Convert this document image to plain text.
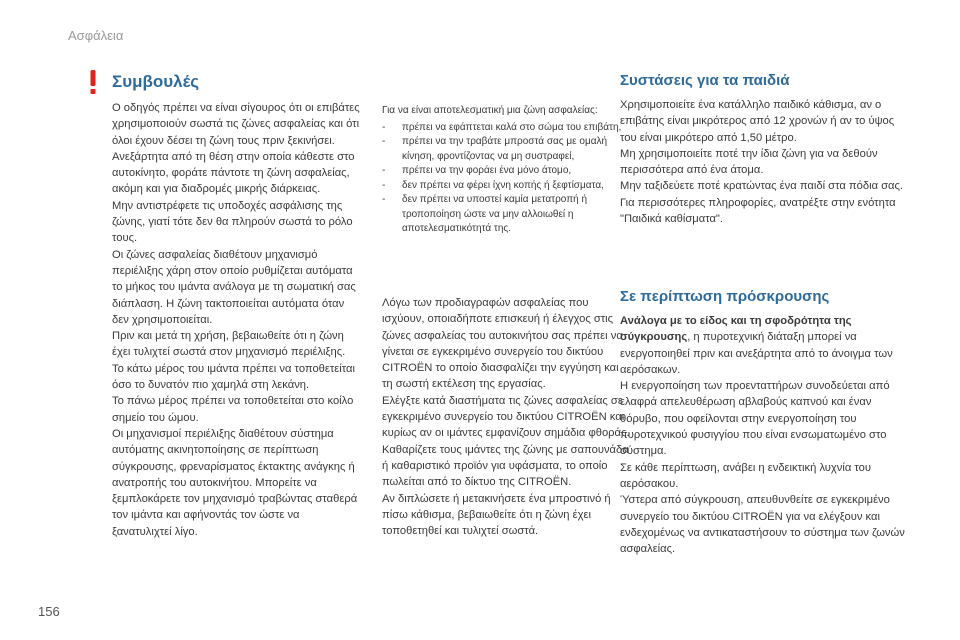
Ασφάλεια
Συμβουλές

Ο οδηγός πρέπει να είναι σίγουρος ότι οι επιβάτες χρησιμοποιούν σωστά τις ζώνες ασφαλείας και ότι όλοι έχουν δέσει τη ζώνη τους πριν ξεκινήσει.

Ανεξάρτητα από τη θέση στην οποία κάθεστε στο αυτοκίνητο, φοράτε πάντοτε τη ζώνη ασφαλείας, ακόμη και για διαδρομές μικρής διάρκειας.

Μην αντιστρέφετε τις υποδοχές ασφάλισης της ζώνης, γιατί τότε δεν θα πληρούν σωστά το ρόλο τους.

Οι ζώνες ασφαλείας διαθέτουν μηχανισμό περιέλιξης χάρη στον οποίο ρυθμίζεται αυτόματα το μήκος του ιμάντα ανάλογα με τη σωματική σας διάπλαση. Η ζώνη τακτοποιείται αυτόματα όταν δεν χρησιμοποιείται.

Πριν και μετά τη χρήση, βεβαιωθείτε ότι η ζώνη έχει τυλιχτεί σωστά στον μηχανισμό περιέλιξης.

Το κάτω μέρος του ιμάντα πρέπει να τοποθετείται όσο το δυνατόν πιο χαμηλά στη λεκάνη.

Το πάνω μέρος πρέπει να τοποθετείται στο κοίλο σημείο του ώμου.

Οι μηχανισμοί περιέλιξης διαθέτουν σύστημα αυτόματης ακινητοποίησης σε περίπτωση σύγκρουσης, φρεναρίσματος έκτακτης ανάγκης ή ανατροπής του αυτοκινήτου. Μπορείτε να ξεμπλοκάρετε τον μηχανισμό τραβώντας σταθερά τον ιμάντα και αφήνοντάς τον ώστε να ξανατυλιχτεί λίγο.

Για να είναι αποτελεσματική μια ζώνη ασφαλείας:

-	πρέπει να εφάπτεται καλά στο σώμα του επιβάτη,
-	πρέπει να την τραβάτε μπροστά σας με ομαλή κίνηση, φροντίζοντας να μη συστραφεί,
-	πρέπει να την φοράει ένα μόνο άτομο,
-	δεν πρέπει να φέρει ίχνη κοπής ή ξεφτίσματα,
-	δεν πρέπει να υποστεί καμία μετατροπή ή τροποποίηση ώστε να μην αλλοιωθεί η αποτελεσματικότητά της.

Λόγω των προδιαγραφών ασφαλείας που ισχύουν, οποιαδήποτε επισκευή ή έλεγχος στις ζώνες ασφαλείας του αυτοκινήτου σας πρέπει να γίνεται σε εγκεκριμένο συνεργείο του δικτύου CITROËN το οποίο διασφαλίζει την εγγύηση και τη σωστή εκτέλεση της εργασίας.

Ελέγξτε κατά διαστήματα τις ζώνες ασφαλείας σε εγκεκριμένο συνεργείο του δικτύου CITROËN και κυρίως αν οι ιμάντες εμφανίζουν σημάδια φθοράς.

Καθαρίζετε τους ιμάντες της ζώνης με σαπουνάδα ή καθαριστικό προϊόν για υφάσματα, το οποίο πωλείται από το δίκτυο της CITROËN.

Αν διπλώσετε ή μετακινήσετε ένα μπροστινό ή πίσω κάθισμα, βεβαιωθείτε ότι η ζώνη έχει τοποθετηθεί και τυλιχτεί σωστά.

Συστάσεις για τα παιδιά

Χρησιμοποιείτε ένα κατάλληλο παιδικό κάθισμα, αν ο επιβάτης είναι μικρότερος από 12 χρονών ή αν το ύψος του είναι μικρότερο από 1,50 μέτρο.

Μη χρησιμοποιείτε ποτέ την ίδια ζώνη για να δεθούν περισσότερα από ένα άτομα.

Μην ταξιδεύετε ποτέ κρατώντας ένα παιδί στα πόδια σας.

Για περισσότερες πληροφορίες, ανατρέξτε στην ενότητα "Παιδικά καθίσματα".

Σε περίπτωση πρόσκρουσης

Ανάλογα με το είδος και τη σφοδρότητα της σύγκρουσης, η πυροτεχνική διάταξη μπορεί να ενεργοποιηθεί πριν και ανεξάρτητα από το άνοιγμα των αερόσακων.

Η ενεργοποίηση των προενταττήρων συνοδεύεται από ελαφρά απελευθέρωση αβλαβούς καπνού και έναν θόρυβο, που οφείλονται στην ενεργοποίηση του πυροτεχνικού φυσιγγίου που είναι ενσωματωμένο στο σύστημα.

Σε κάθε περίπτωση, ανάβει η ενδεικτική λυχνία του αερόσακου.

Ύστερα από σύγκρουση, απευθυνθείτε σε εγκεκριμένο συνεργείο του δικτύου CITROËN για να ελέγξουν και ενδεχομένως να αντικαταστήσουν το σύστημα των ζωνών ασφαλείας.

156
